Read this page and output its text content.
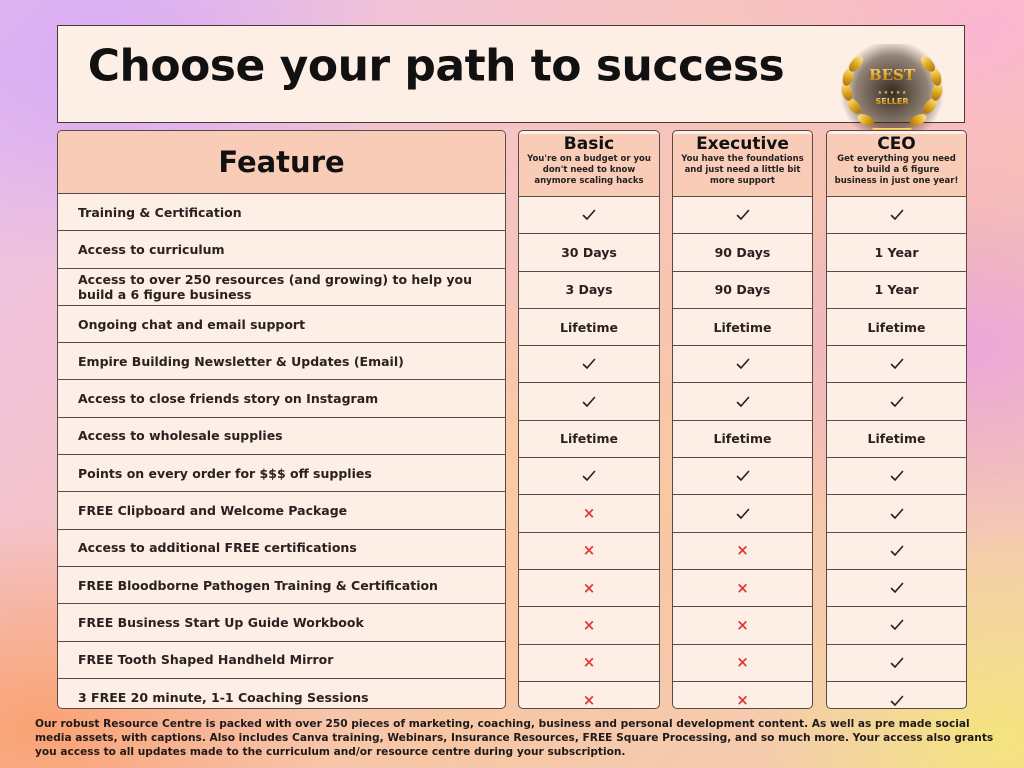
Choose your path to success	BEST
★ ★ ★ ★ ★
SELLER
Feature
Training & Certification
Access to curriculum
Access to over 250 resources (and growing) to help you build a 6 figure business
Ongoing chat and email support
Empire Building Newsletter & Updates (Email)
Access to close friends story on Instagram
Access to wholesale supplies
Points on every order for $$$ off supplies
FREE Clipboard and Welcome Package
Access to additional FREE certifications
FREE Bloodborne Pathogen Training & Certification
FREE Business Start Up Guide Workbook
FREE Tooth Shaped Handheld Mirror
3 FREE 20 minute, 1-1 Coaching Sessions
Basic
You're on a budget or you don't need to know anymore scaling hacks
30 Days
3 Days
Lifetime
Lifetime
×
×
×
×
×
×
Executive
You have the foundations and just need a little bit more support
90 Days
90 Days
Lifetime
Lifetime
×
×
×
×
×
CEO
Get everything you need to build a 6 figure business in just one year!
1 Year
1 Year
Lifetime
Lifetime
Our robust Resource Centre is packed with over 250 pieces of marketing, coaching, business and personal development content. As well as pre made social media assets, with captions. Also includes Canva training, Webinars, Insurance Resources, FREE Square Processing, and so much more. Your access also grants you access to all updates made to the curriculum and/or resource centre during your subscription.
